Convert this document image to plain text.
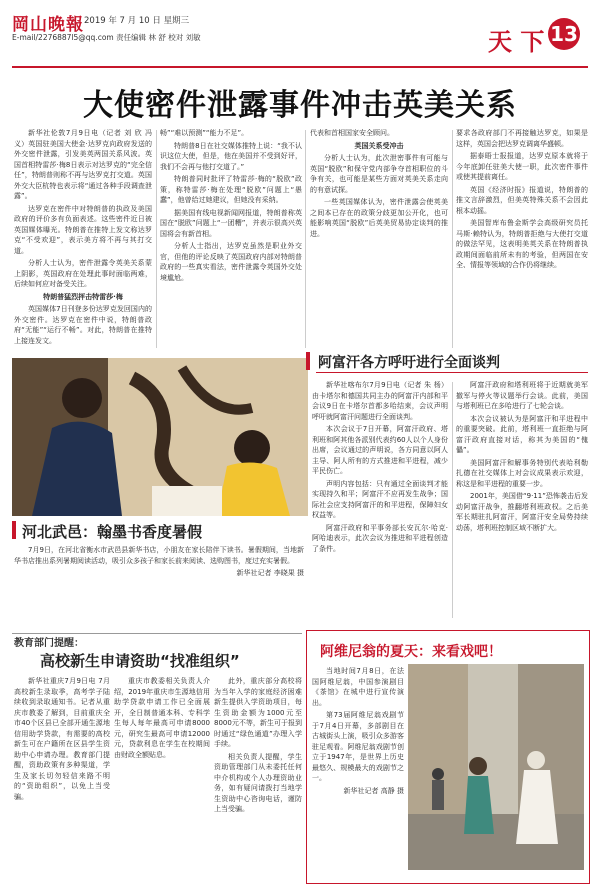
岡山晚報 2019 年 7 月 10 日 星期三
E-mail/2276887l5@qq.com 责任编辑 林 舒 校对 刘敏	天 下 13
大使密件泄露事件冲击英美关系

新华社伦敦7月9日电（记者 刘 欣 冯 义）英国驻美国大使金·达罗克向政府发送的外交密件泄露，引发美英两国关系风波。英国首相特雷莎·梅8日表示对达罗克的“完全信任”，特朗普则称不再与达罗克打交道。英国外交大臣杭特也表示将“通过各种手段调查泄露”。

达罗克在密件中对特朗普的执政及美国政府的评价多有负面表述。这些密件近日被英国媒体曝光。特朗普在推特上发文称达罗克“不受欢迎”，表示美方将不再与其打交道。

分析人士认为，密件泄露令英美关系蒙上阴影，英国政府在处理此事时面临两难，后续如何应对备受关注。

特朗普猛烈抨击特雷莎·梅

英国媒体7日刊登多份达罗克发回国内的外交密件。达罗克在密件中说，特朗普政府“无能”“运行不畅”。对此，特朗普在推特上接连发文。

畅”“难以预测”“能力不足”。

特朗普8日在社交媒体推特上说：“我不认识这位大使，但是，他在美国并不受到好评，我们不会再与他打交道了。”

特朗普同时批评了特雷莎·梅的“脱欧”政策，称特雷莎·梅在处理“脱欧”问题上“愚蠢”，他曾给过她建议，但她没有采纳。

据美国有线电视新闻网报道，特朗普称英国在“脱欧”问题上“一团糟”，并表示很高兴英国将会有新首相。

分析人士指出，达罗克虽然是职业外交官，但他的评论反映了英国政府内部对特朗普政府的一些真实看法，密件泄露令英国外交处境尴尬。

代表和首相国家安全顾问。

英国关系受冲击

分析人士认为，此次泄密事件有可能与英国“脱欧”和保守党内部争夺首相职位的斗争有关，也可能是某些方面对英美关系走向的有意试探。

一些英国媒体认为，密件泄露会使英美之间本已存在的政策分歧更加公开化，也可能影响英国“脱欧”后英美贸易协定谈判的推进。

要求各政府部门不再接触达罗克，如果是这样，英国会把达罗克调离华盛顿。

据泰晤士报报道，达罗克原本就将于今年底卸任驻美大使一职，此次密件事件或使其提前离任。

英国《经济时报》报道说，特朗普的推文言辞激烈，但美英特殊关系不会因此根本动摇。

美国智库布鲁金斯学会高级研究员托马斯·赖特认为，特朗普拒绝与大使打交道的做法罕见，这表明美英关系在特朗普执政期间面临前所未有的考验，但两国在安全、情报等领域的合作仍将继续。

河北武邑：翰墨书香度暑假

7月9日，在河北省衡水市武邑县新华书店，小朋友在家长陪伴下读书。暑假期间，当地新华书店推出系列暑期阅读活动，吸引众多孩子和家长前来阅读、选购图书，度过充实暑假。

新华社记者 李晓果 摄

阿富汗各方呼吁进行全面谈判

新华社喀布尔7月9日电（记者 朱 杨）由卡塔尔和德国共同主办的阿富汗内部和平会议9日在卡塔尔首都多哈结束，会议声明呼吁就阿富汗问题进行全面谈判。

本次会议于7日开幕，阿富汗政府、塔利班和阿其他各派别代表约60人以个人身份出席，会议通过的声明说，各方同意以阿人主导、阿人所有的方式推进和平进程，减少平民伤亡。

声明内容包括：只有通过全面谈判才能实现持久和平；阿富汗不应再发生战争；国际社会应支持阿富汗的和平进程，保障妇女权益等。

阿富汗政府和平事务部长安瓦尔·哈克·阿哈迪表示，此次会议为推进和平进程创造了条件。

阿富汗政府和塔利班将于近期就美军撤军与停火等议题举行会谈。此前，美国与塔利班已在多哈进行了七轮会谈。

本次会议被认为是阿富汗和平进程中的重要突破。此前，塔利班一直拒绝与阿富汗政府直接对话，称其为美国的“傀儡”。

美国阿富汗和解事务特别代表哈利勒扎德在社交媒体上对会议成果表示欢迎，称这是和平进程的重要一步。

2001年，美国借“9·11”恐怖袭击后发动阿富汗战争，推翻塔利班政权。之后美军长期驻扎阿富汗，阿富汗安全局势持续动荡，塔利班控制区域不断扩大。

教育部门提醒：
高校新生申请资助“找准组织”

新华社重庆7月9日电 7月高校新生录取季，高考学子陆续收到录取通知书。记者从重庆市教委了解到，目前重庆全市40个区县已全部开通生源地信用助学贷款，有需要的高校新生可在户籍所在区县学生资助中心申请办理。教育部门提醒，资助政策有多种渠道，学生及家长切勿轻信来路不明的“资助组织”，以免上当受骗。

重庆市教委相关负责人介绍，2019年重庆市生源地信用助学贷款申请工作已全面展开，全日制普通本科、专科学生每人每年最高可申请8000元，研究生最高可申请12000元，贷款利息在学生在校期间由财政全额贴息。

此外，重庆部分高校将为当年入学的家庭经济困难新生提供入学资助项目，每生资助金额为1000元至8000元不等，新生可于报到时通过“绿色通道”办理入学手续。

相关负责人提醒，学生资助管理部门从未委托任何中介机构或个人办理资助业务，如有疑问请拨打当地学生资助中心咨询电话，谨防上当受骗。

阿维尼翁的夏天：来看戏吧！

当地时间7月8日，在法国阿维尼翁，中国参演剧目《茶馆》在城中进行宣传演出。

第73届阿维尼翁戏剧节于7月4日开幕，多部剧目在古城街头上演，吸引众多游客驻足观看。阿维尼翁戏剧节创立于1947年，是世界上历史最悠久、规模最大的戏剧节之一。

新华社记者 高静 摄
